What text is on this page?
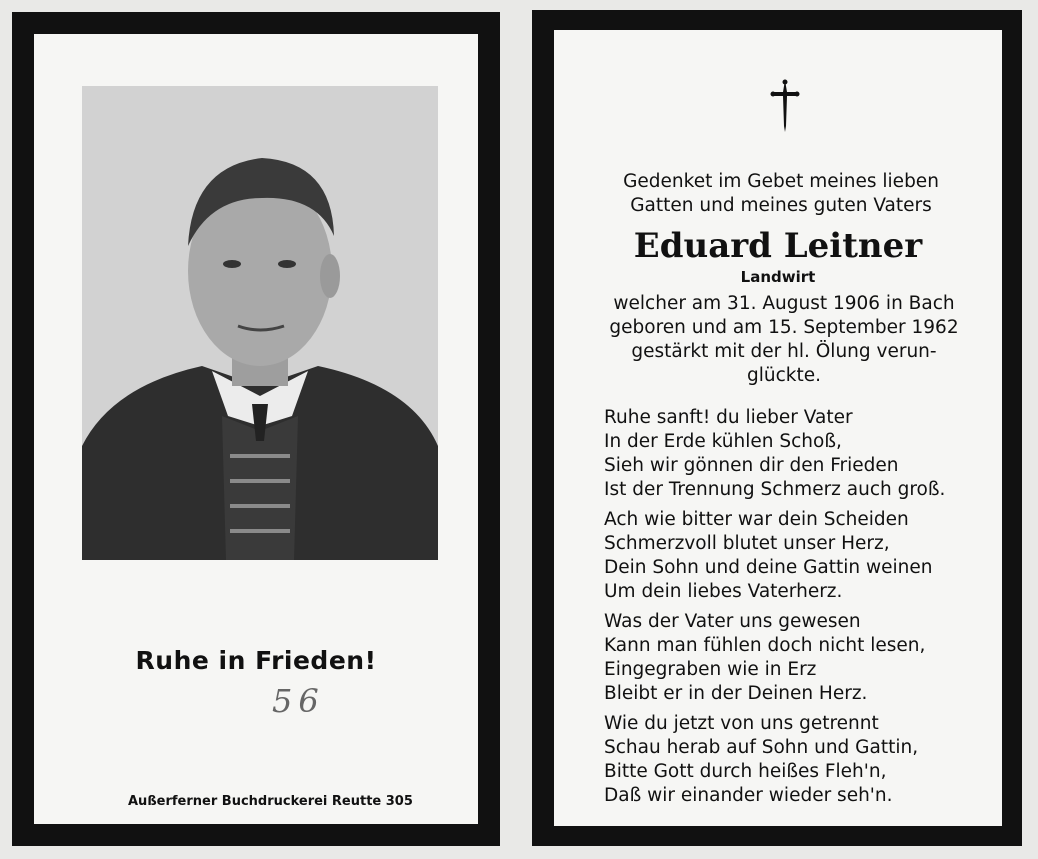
Ruhe in Frieden!
56
Außerferner Buchdruckerei Reutte 305
Gedenket im Gebet meines lieben
Gatten und meines guten Vaters
Eduard Leitner
Landwirt
welcher am 31. August 1906 in Bach
geboren und am 15. September 1962
gestärkt mit der hl. Ölung verun-
glückte.
Ruhe sanft! du lieber Vater
In der Erde kühlen Schoß,
Sieh wir gönnen dir den Frieden
Ist der Trennung Schmerz auch groß.
Ach wie bitter war dein Scheiden
Schmerzvoll blutet unser Herz,
Dein Sohn und deine Gattin weinen
Um dein liebes Vaterherz.
Was der Vater uns gewesen
Kann man fühlen doch nicht lesen,
Eingegraben wie in Erz
Bleibt er in der Deinen Herz.
Wie du jetzt von uns getrennt
Schau herab auf Sohn und Gattin,
Bitte Gott durch heißes Fleh'n,
Daß wir einander wieder seh'n.
